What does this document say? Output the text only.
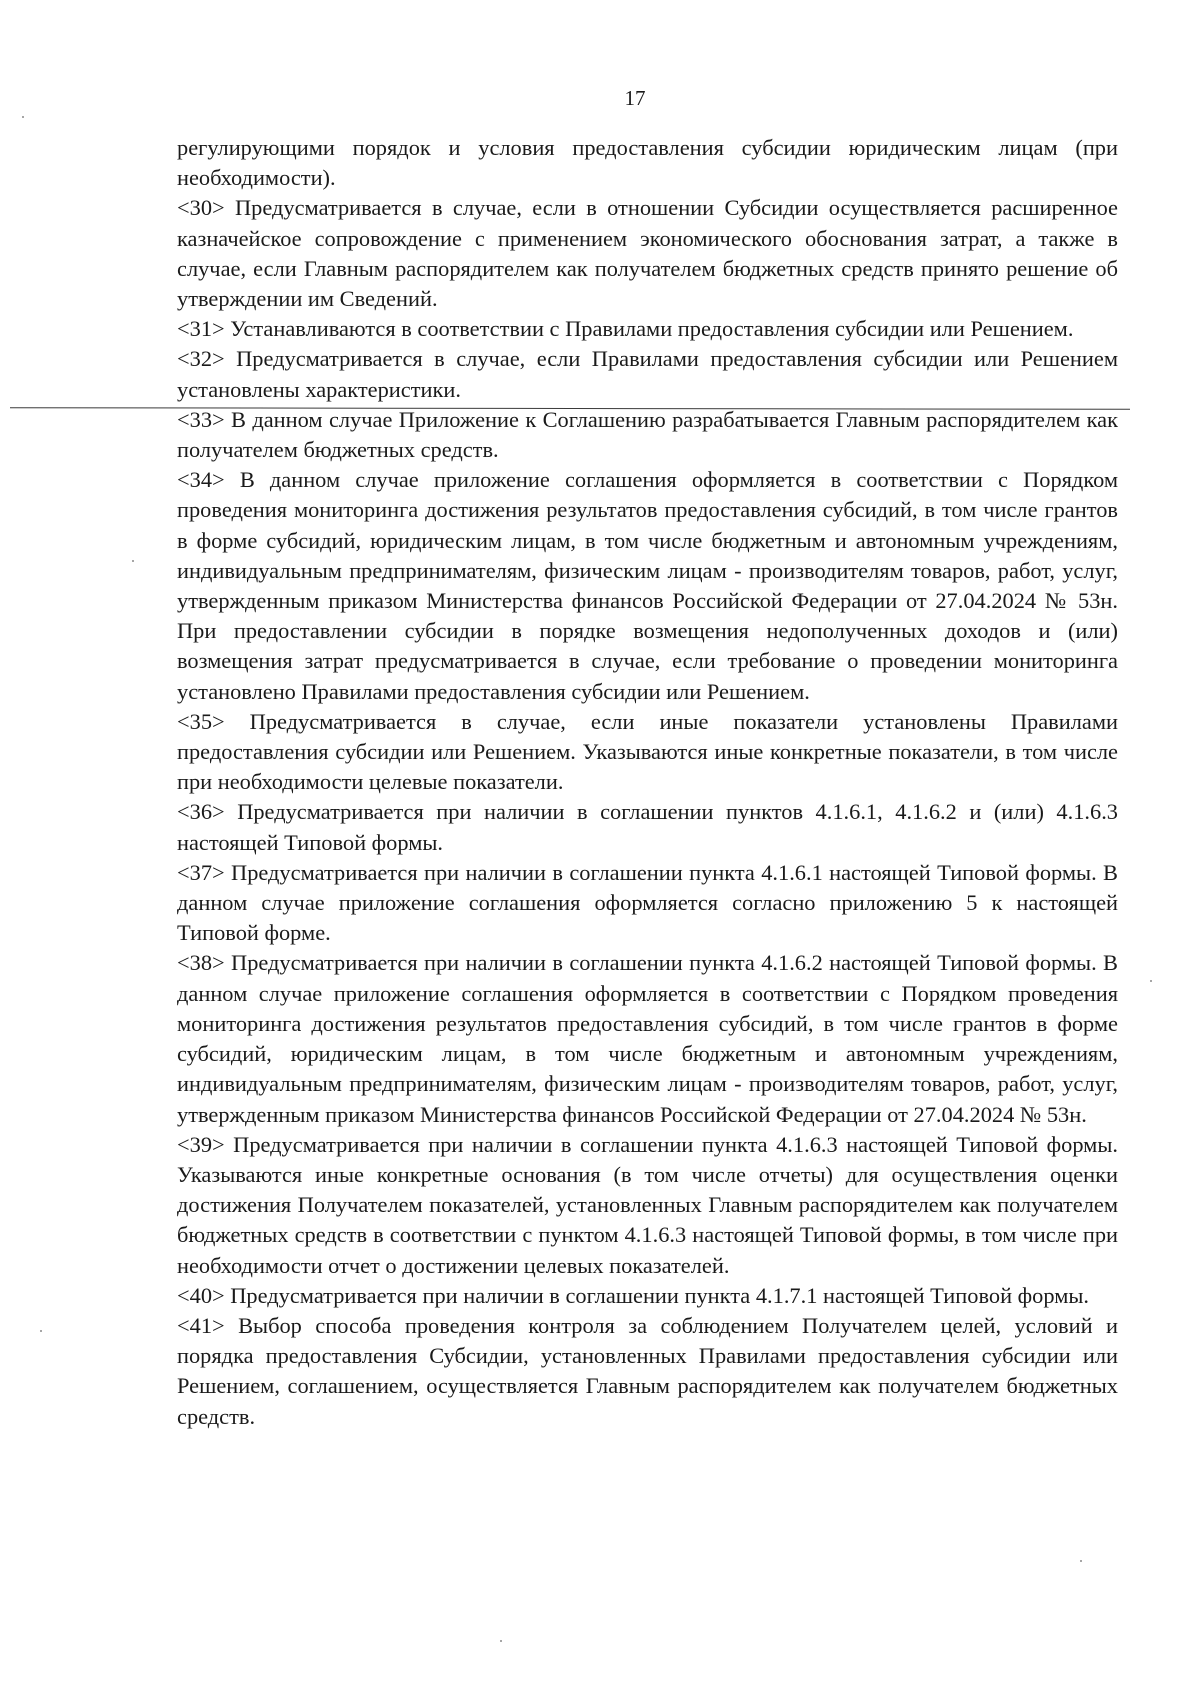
17

регулирующими порядок и условия предоставления субсидии юридическим лицам (при необходимости).

<30> Предусматривается в случае, если в отношении Субсидии осуществляется расширенное казначейское сопровождение с применением экономического обоснования затрат, а также в случае, если Главным распорядителем как получателем бюджетных средств принято решение об утверждении им Сведений.

<31> Устанавливаются в соответствии с Правилами предоставления субсидии или Решением.

<32> Предусматривается в случае, если Правилами предоставления субсидии или Решением установлены характеристики.

<33> В данном случае Приложение к Соглашению разрабатывается Главным распорядителем как получателем бюджетных средств.

<34> В данном случае приложение соглашения оформляется в соответствии с Порядком проведения мониторинга достижения результатов предоставления субсидий, в том числе грантов в форме субсидий, юридическим лицам, в том числе бюджетным и автономным учреждениям, индивидуальным предпринимателям, физическим лицам - производителям товаров, работ, услуг, утвержденным приказом Министерства финансов Российской Федерации от 27.04.2024 № 53н. При предоставлении субсидии в порядке возмещения недополученных доходов и (или) возмещения затрат предусматривается в случае, если требование о проведении мониторинга установлено Правилами предоставления субсидии или Решением.

<35> Предусматривается в случае, если иные показатели установлены Правилами предоставления субсидии или Решением. Указываются иные конкретные показатели, в том числе при необходимости целевые показатели.

<36> Предусматривается при наличии в соглашении пунктов 4.1.6.1, 4.1.6.2 и (или) 4.1.6.3 настоящей Типовой формы.

<37> Предусматривается при наличии в соглашении пункта 4.1.6.1 настоящей Типовой формы. В данном случае приложение соглашения оформляется согласно приложению 5 к настоящей Типовой форме.

<38> Предусматривается при наличии в соглашении пункта 4.1.6.2 настоящей Типовой формы. В данном случае приложение соглашения оформляется в соответствии с Порядком проведения мониторинга достижения результатов предоставления субсидий, в том числе грантов в форме субсидий, юридическим лицам, в том числе бюджетным и автономным учреждениям, индивидуальным предпринимателям, физическим лицам - производителям товаров, работ, услуг, утвержденным приказом Министерства финансов Российской Федерации от 27.04.2024 № 53н.

<39> Предусматривается при наличии в соглашении пункта 4.1.6.3 настоящей Типовой формы. Указываются иные конкретные основания (в том числе отчеты) для осуществления оценки достижения Получателем показателей, установленных Главным распорядителем как получателем бюджетных средств в соответствии с пунктом 4.1.6.3 настоящей Типовой формы, в том числе при необходимости отчет о достижении целевых показателей.

<40> Предусматривается при наличии в соглашении пункта 4.1.7.1 настоящей Типовой формы.

<41> Выбор способа проведения контроля за соблюдением Получателем целей, условий и порядка предоставления Субсидии, установленных Правилами предоставления субсидии или Решением, соглашением, осуществляется Главным распорядителем как получателем бюджетных средств.
